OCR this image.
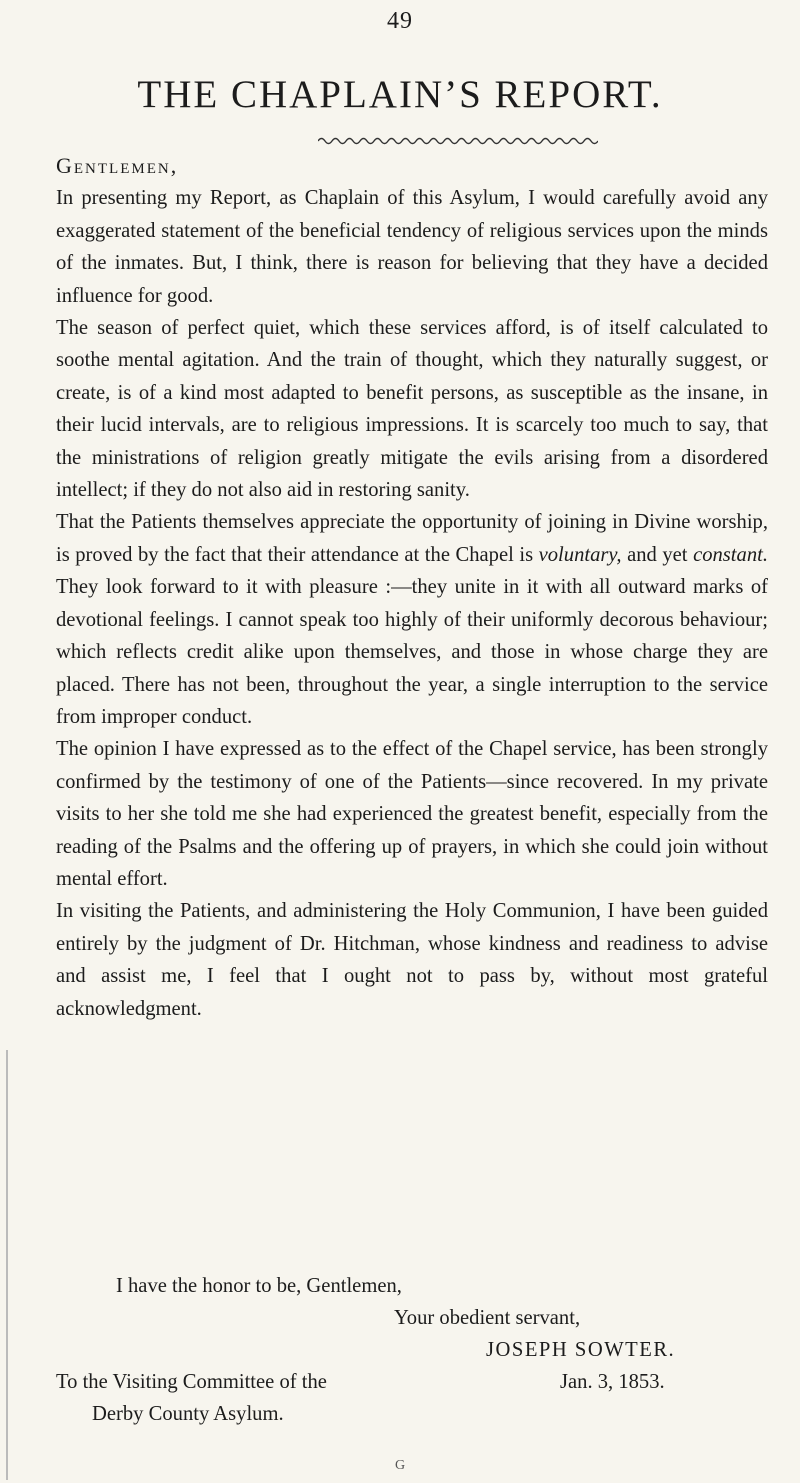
49
THE CHAPLAIN’S REPORT.

Gentlemen,

In presenting my Report, as Chaplain of this Asylum, I would carefully avoid any exaggerated statement of the beneficial tendency of religious services upon the minds of the inmates. But, I think, there is reason for believing that they have a decided influence for good.

The season of perfect quiet, which these services afford, is of itself calculated to soothe mental agitation. And the train of thought, which they naturally suggest, or create, is of a kind most adapted to benefit persons, as susceptible as the insane, in their lucid intervals, are to religious impressions. It is scarcely too much to say, that the ministrations of religion greatly mitigate the evils arising from a disordered intellect; if they do not also aid in restoring sanity.

That the Patients themselves appreciate the opportunity of joining in Divine worship, is proved by the fact that their attendance at the Chapel is voluntary, and yet constant. They look forward to it with pleasure :—they unite in it with all outward marks of devotional feelings. I cannot speak too highly of their uniformly decorous behaviour; which reflects credit alike upon themselves, and those in whose charge they are placed. There has not been, throughout the year, a single interruption to the service from improper conduct.

The opinion I have expressed as to the effect of the Chapel service, has been strongly confirmed by the testimony of one of the Patients—since recovered. In my private visits to her she told me she had experienced the greatest benefit, especially from the reading of the Psalms and the offering up of prayers, in which she could join without mental effort.

In visiting the Patients, and administering the Holy Communion, I have been guided entirely by the judgment of Dr. Hitchman, whose kindness and readiness to advise and assist me, I feel that I ought not to pass by, without most grateful acknowledgment.

I have the honor to be, Gentlemen,
Your obedient servant,
JOSEPH SOWTER.
To the Visiting Committee of the	Jan. 3, 1853.
Derby County Asylum.
G
